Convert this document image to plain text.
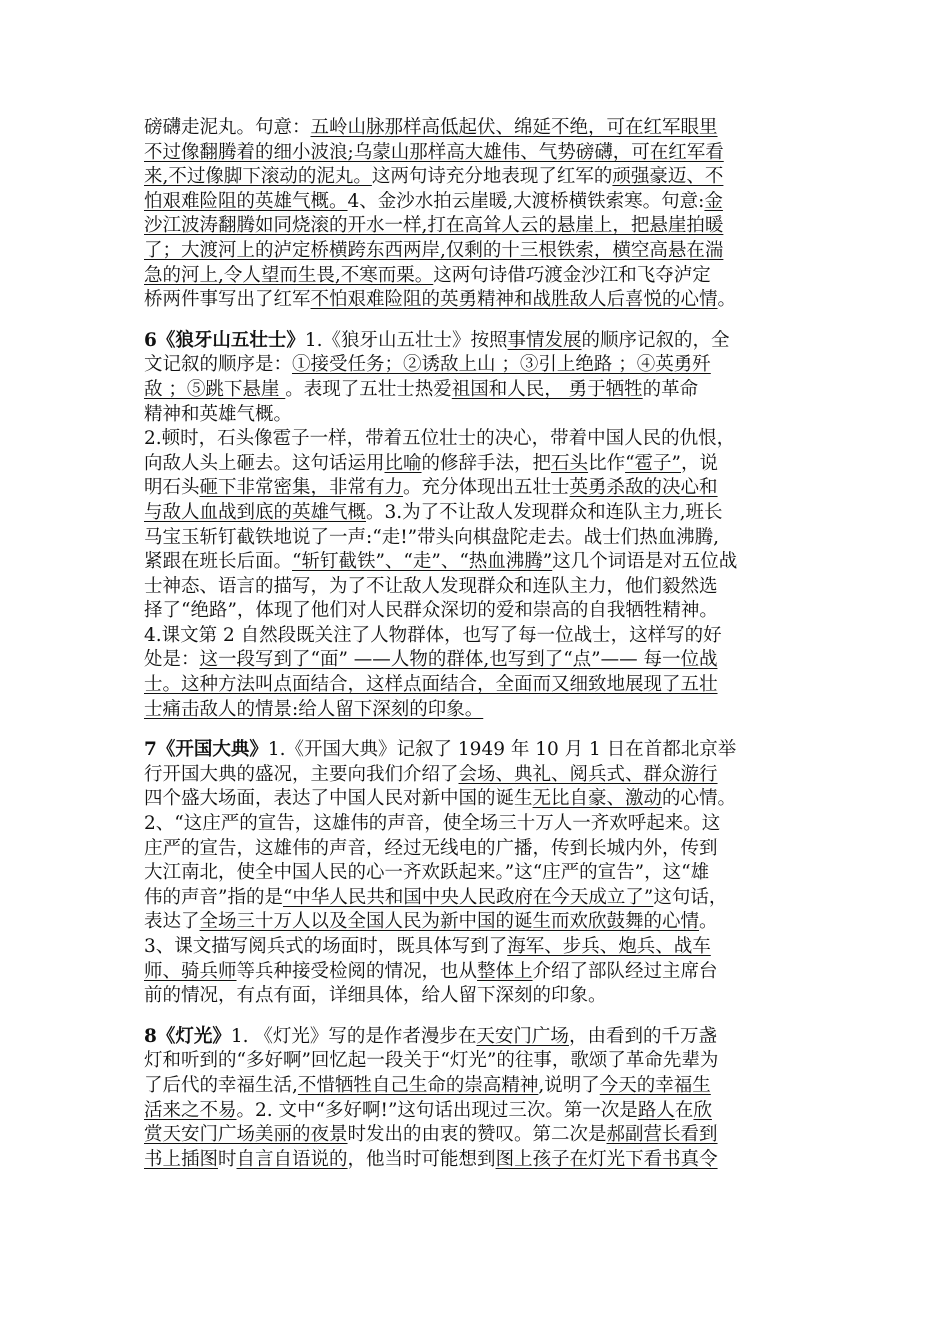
磅礴走泥丸。句意：五岭山脉那样高低起伏、绵延不绝，可在红军眼里
不过像翻腾着的细小波浪;乌蒙山那样高大雄伟、气势磅礴，可在红军看
来,不过像脚下滚动的泥丸。这两句诗充分地表现了红军的顽强豪迈、不
怕艰难险阻的英雄气概。4、金沙水拍云崖暖,大渡桥横铁索寒。句意:金
沙江波涛翻腾如同烧滚的开水一样,打在高耸人云的悬崖上，把悬崖拍暖
了；大渡河上的泸定桥横跨东西两岸,仅剩的十三根铁索，横空高悬在湍
急的河上,令人望而生畏,不寒而栗。这两句诗借巧渡金沙江和飞夺泸定
桥两件事写出了红军不怕艰难险阻的英勇精神和战胜敌人后喜悦的心情。
6《狼牙山五壮士》1.《狼牙山五壮士》按照事情发展的顺序记叙的，全
文记叙的顺序是：①接受任务；②诱敌上山 ；③引上绝路 ；④英勇歼
敌 ；⑤跳下悬崖 。表现了五壮士热爱祖国和人民， 勇于牺牲的革命
精神和英雄气概。
2.顿时，石头像雹子一样，带着五位壮士的决心，带着中国人民的仇恨，
向敌人头上砸去。这句话运用比喻的修辞手法，把石头比作“雹子”，说
明石头砸下非常密集，非常有力。充分体现出五壮士英勇杀敌的决心和
与敌人血战到底的英雄气概。3.为了不让敌人发现群众和连队主力,班长
马宝玉斩钉截铁地说了一声:“走!”带头向棋盘陀走去。战士们热血沸腾,
紧跟在班长后面。“斩钉截铁”、“走”、“热血沸腾”这几个词语是对五位战
士神态、语言的描写，为了不让敌人发现群众和连队主力，他们毅然选
择了“绝路”，体现了他们对人民群众深切的爱和崇高的自我牺牲精神。
4.课文第 2 自然段既关注了人物群体，也写了每一位战士，这样写的好
处是：这一段写到了“面” ——人物的群体,也写到了“点”—— 每一位战
士。这种方法叫点面结合，这样点面结合，全面而又细致地展现了五壮
士痛击敌人的情景:给人留下深刻的印象。
7《开国大典》1.《开国大典》记叙了 1949 年 10 月 1 日在首都北京举
行开国大典的盛况，主要向我们介绍了会场、典礼、阅兵式、群众游行
四个盛大场面，表达了中国人民对新中国的诞生无比自豪、激动的心情。
2、“这庄严的宣告，这雄伟的声音，使全场三十万人一齐欢呼起来。这
庄严的宣告，这雄伟的声音，经过无线电的广播，传到长城内外，传到
大江南北，使全中国人民的心一齐欢跃起来。”这“庄严的宣告”，这“雄
伟的声音”指的是“中华人民共和国中央人民政府在今天成立了”这句话，
表达了全场三十万人以及全国人民为新中国的诞生而欢欣鼓舞的心情。
3、课文描写阅兵式的场面时，既具体写到了海军、步兵、炮兵、战车
师、骑兵师等兵种接受检阅的情况，也从整体上介绍了部队经过主席台
前的情况，有点有面，详细具体，给人留下深刻的印象。
8《灯光》1. 《灯光》写的是作者漫步在天安门广场，由看到的千万盏
灯和听到的“多好啊”回忆起一段关于“灯光”的往事，歌颂了革命先辈为
了后代的幸福生活,不惜牺牲自己生命的崇高精神,说明了今天的幸福生
活来之不易。2. 文中“多好啊!”这句话出现过三次。第一次是路人在欣
赏天安门广场美丽的夜景时发出的由衷的赞叹。第二次是郝副营长看到
书上插图时自言自语说的，他当时可能想到图上孩子在灯光下看书真令
